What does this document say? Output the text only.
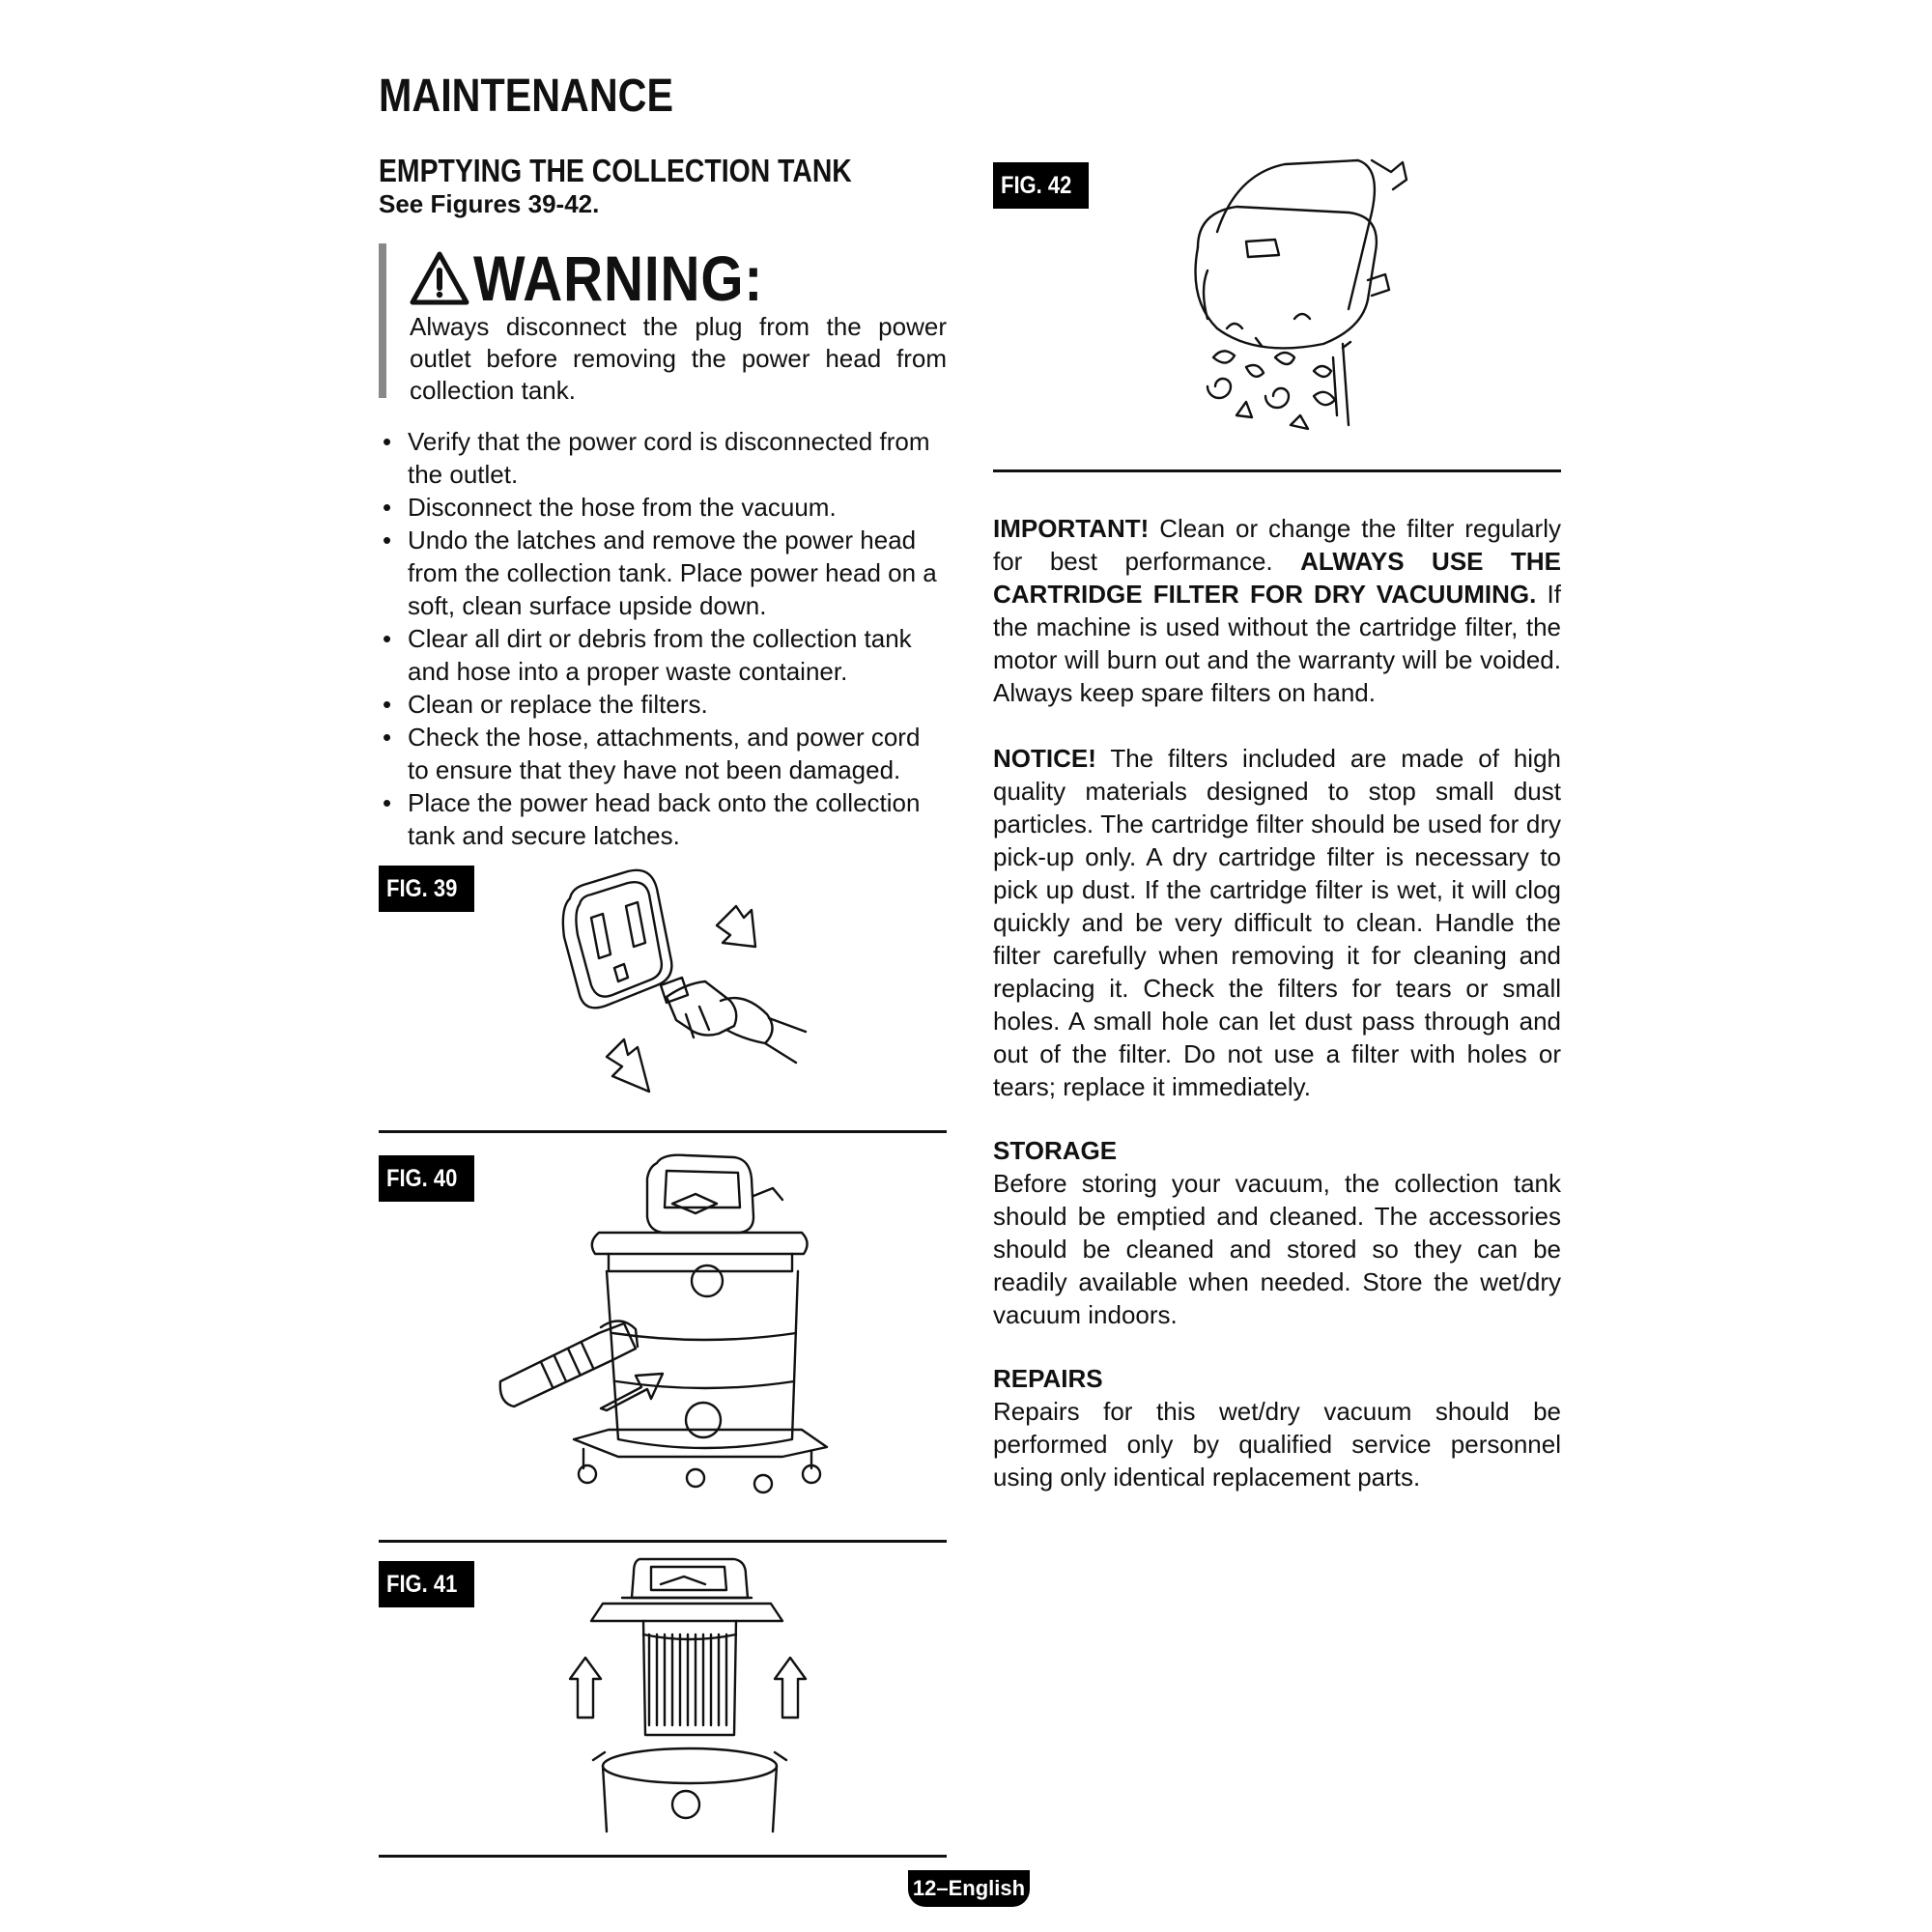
MAINTENANCE
EMPTYING THE COLLECTION TANK
See Figures 39-42.
WARNING:
Always disconnect the plug from the power outlet before removing the power head from collection tank.
• Verify that the power cord is disconnected from the outlet.
• Disconnect the hose from the vacuum.
• Undo the latches and remove the power head from the collection tank. Place power head on a soft, clean surface upside down.
• Clear all dirt or debris from the collection tank and hose into a proper waste container.
• Clean or replace the filters.
• Check the hose, attachments, and power cord to ensure that they have not been damaged.
• Place the power head back onto the collection tank and secure latches.
FIG. 39
FIG. 40
FIG. 41
FIG. 42
IMPORTANT! Clean or change the filter regularly for best performance. ALWAYS USE THE CARTRIDGE FILTER FOR DRY VACUUMING. If the machine is used without the cartridge filter, the motor will burn out and the warranty will be voided. Always keep spare filters on hand.
NOTICE! The filters included are made of high quality materials designed to stop small dust particles. The cartridge filter should be used for dry pick-up only. A dry cartridge filter is necessary to pick up dust. If the cartridge filter is wet, it will clog quickly and be very difficult to clean. Handle the filter carefully when removing it for cleaning and replacing it. Check the filters for tears or small holes. A small hole can let dust pass through and out of the filter. Do not use a filter with holes or tears; replace it immediately.
STORAGE
Before storing your vacuum, the collection tank should be emptied and cleaned. The accessories should be cleaned and stored so they can be readily available when needed. Store the wet/dry vacuum indoors.
REPAIRS
Repairs for this wet/dry vacuum should be performed only by qualified service personnel using only identical replacement parts.
12–English
